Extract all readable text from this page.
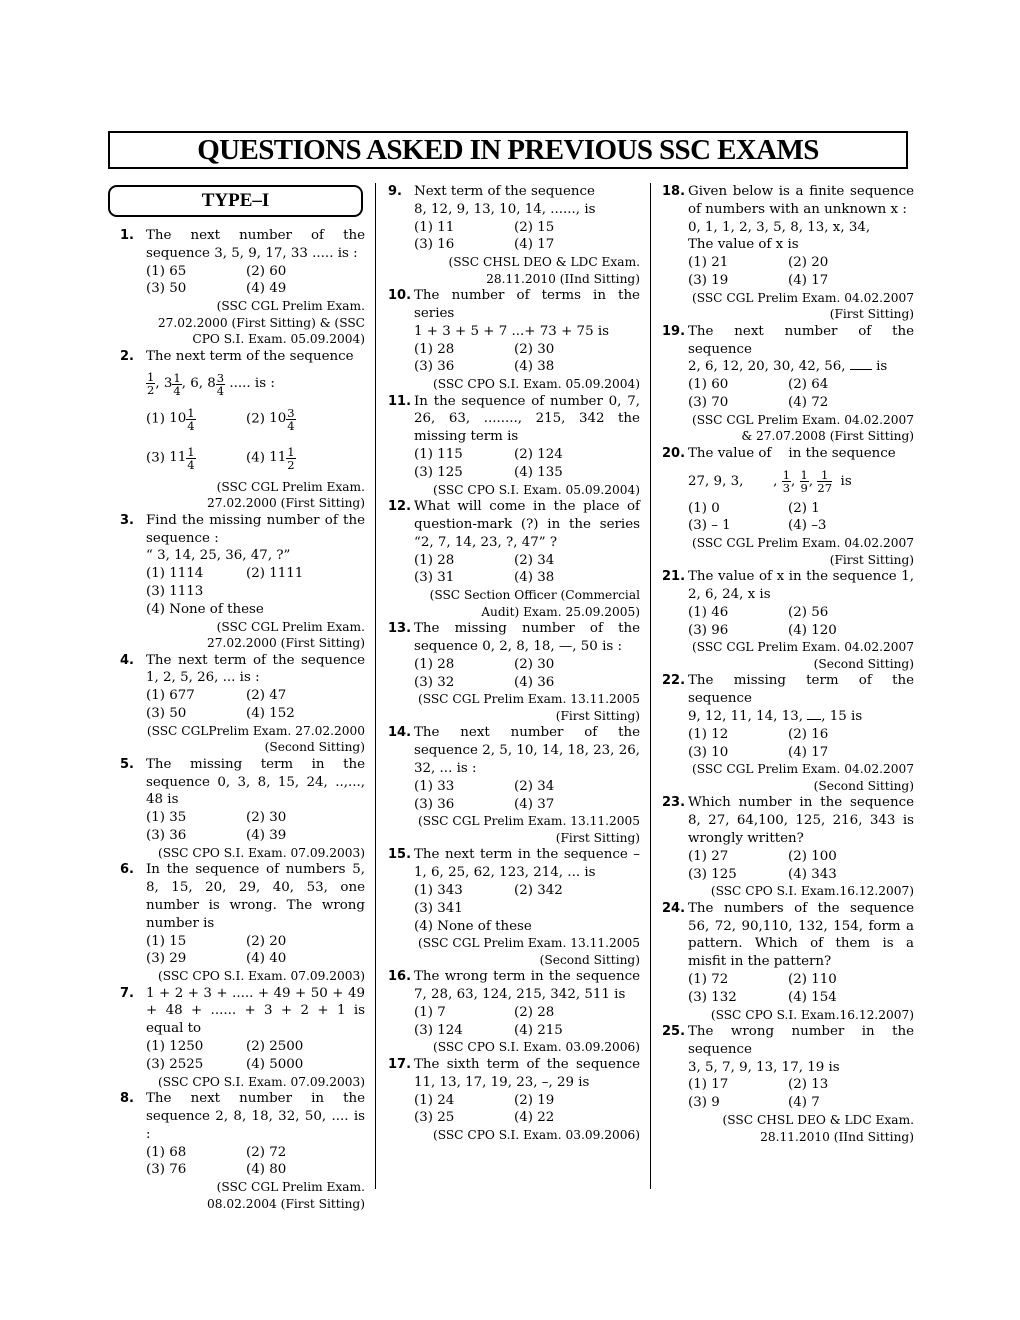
QUESTIONS ASKED IN PREVIOUS SSC EXAMS
TYPE–I
1. The next number of the sequence 3, 5, 9, 17, 33 ..... is :
(1) 65	(2) 60
(3) 50	(4) 49
(SSC CGL Prelim Exam. 27.02.2000 (First Sitting) & (SSC CPO S.I. Exam. 05.09.2004)
2. The next term of the sequence
$\frac{1}{2}$ , $3 \frac{1}{4}$ , 6, $8 \frac{3}{4}$ ..... is :
(1) $10 \frac{1}{4}$	(2) $10 \frac{3}{4}$
(3) $11 \frac{1}{4}$	(4) $11 \frac{1}{2}$
(SSC CGL Prelim Exam. 27.02.2000 (First Sitting)
3. Find the missing number of the sequence :
“ 3, 14, 25, 36, 47, ?”
(1) 1114	(2) 1111
(3) 1113
(4) None of these
(SSC CGL Prelim Exam. 27.02.2000 (First Sitting)
4. The next term of the sequence 1, 2, 5, 26, ... is :
(1) 677	(2) 47
(3) 50	(4) 152
(SSC CGLPrelim Exam. 27.02.2000 (Second Sitting)
5. The missing term in the sequence 0, 3, 8, 15, 24, ..,..., 48 is
(1) 35	(2) 30
(3) 36	(4) 39
(SSC CPO S.I. Exam. 07.09.2003)
6. In the sequence of numbers 5, 8, 15, 20, 29, 40, 53, one number is wrong. The wrong number is
(1) 15	(2) 20
(3) 29	(4) 40
(SSC CPO S.I. Exam. 07.09.2003)
7. 1 + 2 + 3 + ..... + 49 + 50 + 49 + 48 + ...... + 3 + 2 + 1 is equal to
(1) 1250	(2) 2500
(3) 2525	(4) 5000
(SSC CPO S.I. Exam. 07.09.2003)
8. The next number in the sequence 2, 8, 18, 32, 50, .... is :
(1) 68	(2) 72
(3) 76	(4) 80
(SSC CGL Prelim Exam. 08.02.2004 (First Sitting)
9. Next term of the sequence
8, 12, 9, 13, 10, 14, ......, is
(1) 11	(2) 15
(3) 16	(4) 17
(SSC CHSL DEO & LDC Exam. 28.11.2010 (IInd Sitting)
10. The number of terms in the series
1 + 3 + 5 + 7 ...+ 73 + 75 is
(1) 28	(2) 30
(3) 36	(4) 38
(SSC CPO S.I. Exam. 05.09.2004)
11. In the sequence of number 0, 7, 26, 63, ........, 215, 342 the missing term is
(1) 115	(2) 124
(3) 125	(4) 135
(SSC CPO S.I. Exam. 05.09.2004)
12. What will come in the place of question-mark (?) in the series “2, 7, 14, 23, ?, 47” ?
(1) 28	(2) 34
(3) 31	(4) 38
(SSC Section Officer (Commercial Audit) Exam. 25.09.2005)
13. The missing number of the sequence 0, 2, 8, 18, —, 50 is :
(1) 28	(2) 30
(3) 32	(4) 36
(SSC CGL Prelim Exam. 13.11.2005 (First Sitting)
14. The next number of the sequence 2, 5, 10, 14, 18, 23, 26, 32, ... is :
(1) 33	(2) 34
(3) 36	(4) 37
(SSC CGL Prelim Exam. 13.11.2005 (First Sitting)
15. The next term in the sequence – 1, 6, 25, 62, 123, 214, ... is
(1) 343	(2) 342
(3) 341
(4) None of these
(SSC CGL Prelim Exam. 13.11.2005 (Second Sitting)
16. The wrong term in the sequence 7, 28, 63, 124, 215, 342, 511 is
(1) 7	(2) 28
(3) 124	(4) 215
(SSC CPO S.I. Exam. 03.09.2006)
17. The sixth term of the sequence 11, 13, 17, 19, 23, –, 29 is
(1) 24	(2) 19
(3) 25	(4) 22
(SSC CPO S.I. Exam. 03.09.2006)
18. Given below is a finite sequence of numbers with an unknown x :
0, 1, 1, 2, 3, 5, 8, 13, x, 34,
The value of x is
(1) 21	(2) 20
(3) 19	(4) 17
(SSC CGL Prelim Exam. 04.02.2007 (First Sitting)
19. The next number of the sequence
2, 6, 12, 20, 30, 42, 56, is
(1) 60	(2) 64
(3) 70	(4) 72
(SSC CGL Prelim Exam. 04.02.2007 & 27.07.2008 (First Sitting)
20. The value of    in the sequence
27, 9, 3,       , $\frac{1}{3}$ , $\frac{1}{9}$ , $\frac{1}{27}$ is
(1) 0	(2) 1
(3) – 1	(4) –3
(SSC CGL Prelim Exam. 04.02.2007 (First Sitting)
21. The value of x in the sequence 1, 2, 6, 24, x is
(1) 46	(2) 56
(3) 96	(4) 120
(SSC CGL Prelim Exam. 04.02.2007 (Second Sitting)
22. The missing term of the sequence
9, 12, 11, 14, 13, , 15 is
(1) 12	(2) 16
(3) 10	(4) 17
(SSC CGL Prelim Exam. 04.02.2007 (Second Sitting)
23. Which number in the sequence 8, 27, 64,100, 125, 216, 343 is wrongly written?
(1) 27	(2) 100
(3) 125	(4) 343
(SSC CPO S.I. Exam.16.12.2007)
24. The numbers of the sequence 56, 72, 90,110, 132, 154, form a pattern. Which of them is a misfit in the pattern?
(1) 72	(2) 110
(3) 132	(4) 154
(SSC CPO S.I. Exam.16.12.2007)
25. The wrong number in the sequence
3, 5, 7, 9, 13, 17, 19 is
(1) 17	(2) 13
(3) 9	(4) 7
(SSC CHSL DEO & LDC Exam. 28.11.2010 (IInd Sitting)
